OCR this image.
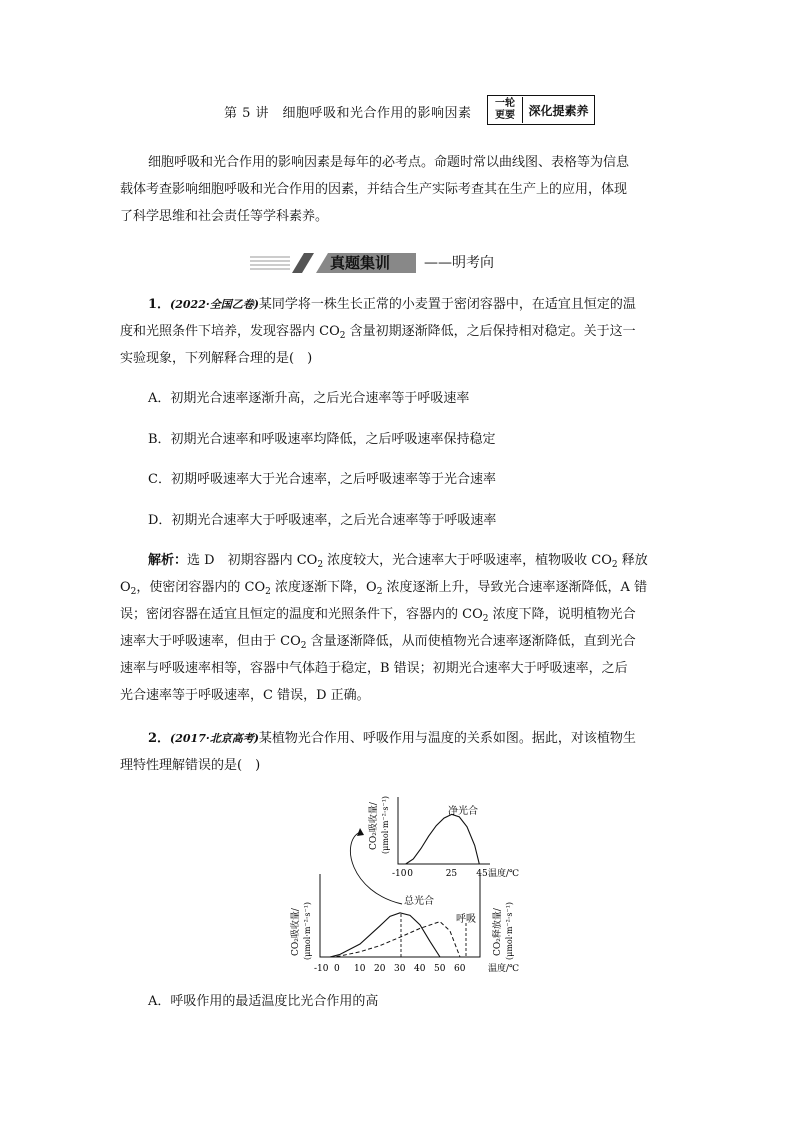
第 5 讲　细胞呼吸和光合作用的影响因素
一轮
更要	深化提素养
细胞呼吸和光合作用的影响因素是每年的必考点。命题时常以曲线图、表格等为信息
载体考查影响细胞呼吸和光合作用的因素，并结合生产实际考查其在生产上的应用，体现
了科学思维和社会责任等学科素养。
真题集训 ——明考向
1．(2022·全国乙卷)某同学将一株生长正常的小麦置于密闭容器中，在适宜且恒定的温
度和光照条件下培养，发现容器内 $CO_2$ 含量初期逐渐降低，之后保持相对稳定。关于这一
实验现象，下列解释合理的是(　)
A．初期光合速率逐渐升高，之后光合速率等于呼吸速率
B．初期光合速率和呼吸速率均降低，之后呼吸速率保持稳定
C．初期呼吸速率大于光合速率，之后呼吸速率等于光合速率
D．初期光合速率大于呼吸速率，之后光合速率等于呼吸速率
解析：选 D　初期容器内 $CO_2$ 浓度较大，光合速率大于呼吸速率，植物吸收 $CO_2$ 释放
$O_2$，使密闭容器内的 $CO_2$ 浓度逐渐下降，$O_2$ 浓度逐渐上升，导致光合速率逐渐降低，A 错
误；密闭容器在适宜且恒定的温度和光照条件下，容器内的 $CO_2$ 浓度下降，说明植物光合
速率大于呼吸速率，但由于 $CO_2$ 含量逐渐降低，从而使植物光合速率逐渐降低，直到光合
速率与呼吸速率相等，容器中气体趋于稳定，B 错误；初期光合速率大于呼吸速率，之后
光合速率等于呼吸速率，C 错误，D 正确。
2．(2017·北京高考)某植物光合作用、呼吸作用与温度的关系如图。据此，对该植物生
理特性理解错误的是(　)
CO₂吸收量/ (μmol·m⁻²·s⁻¹)	净光合
-10 0	25 45 温度/℃
CO₂吸收量/ (μmol·m⁻²·s⁻¹)	CO₂释放量/ (μmol·m⁻²·s⁻¹)
总光合
呼吸
-10 0 10 20 30 40 50 60	温度/℃
A．呼吸作用的最适温度比光合作用的高
